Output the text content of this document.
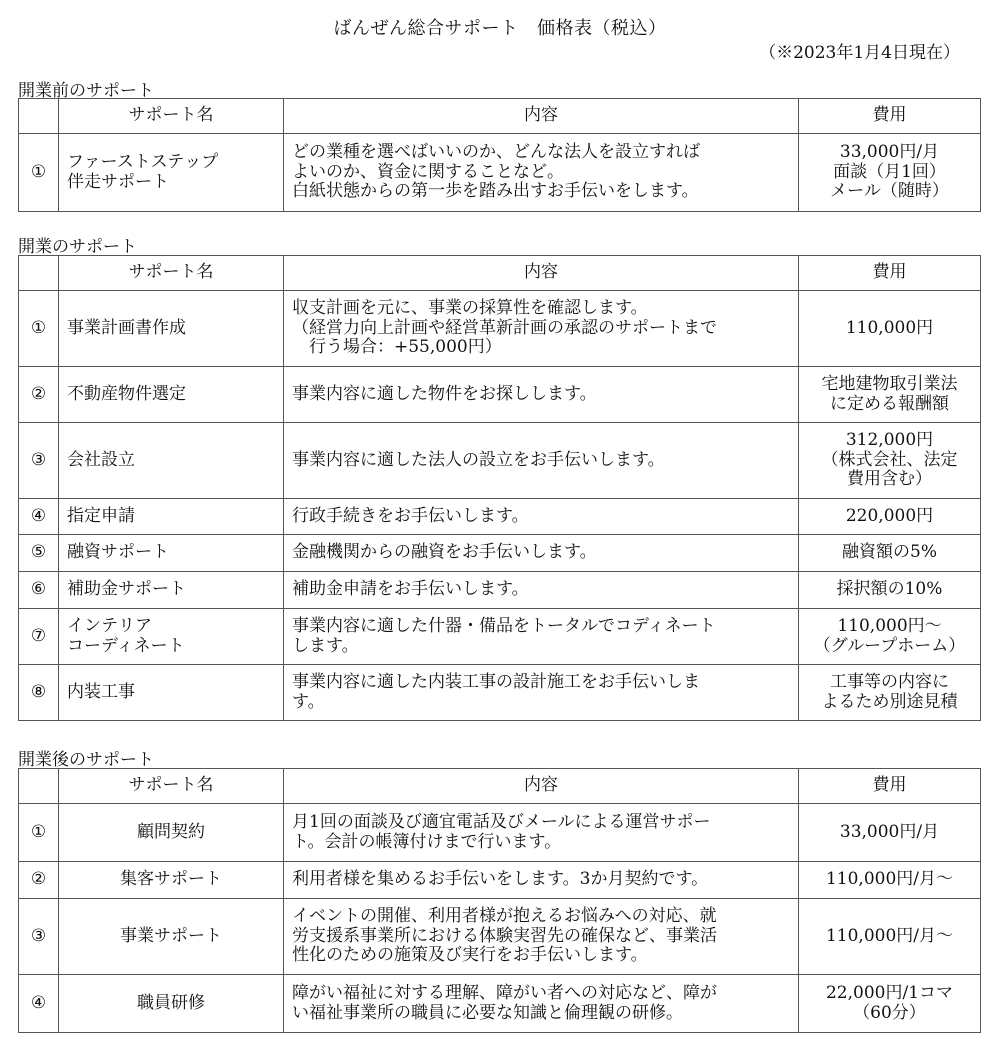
ばんぜん総合サポート　価格表（税込）
（※2023年1月4日現在）
開業前のサポート
	サポート名	内容	費用
①	ファーストステップ
伴走サポート	どの業種を選べばいいのか、どんな法人を設立すれば
よいのか、資金に関することなど。
白紙状態からの第一歩を踏み出すお手伝いをします。	33,000円/月
面談（月1回）
メール（随時）
開業のサポート
	サポート名	内容	費用
①	事業計画書作成	収支計画を元に、事業の採算性を確認します。
（経営力向上計画や経営革新計画の承認のサポートまで
　行う場合：+55,000円）	110,000円

②	不動産物件選定	事業内容に適した物件をお探しします。	宅地建物取引業法
に定める報酬額

③	会社設立	事業内容に適した法人の設立をお手伝いします。	312,000円
（株式会社、法定
費用含む）

④	指定申請	行政手続きをお手伝いします。	220,000円

⑤	融資サポート	金融機関からの融資をお手伝いします。	融資額の5%

⑥	補助金サポート	補助金申請をお手伝いします。	採択額の10%

⑦	インテリア
コーディネート	事業内容に適した什器・備品をトータルでコディネート
します。	110,000円～
（グループホーム）

⑧	内装工事	事業内容に適した内装工事の設計施工をお手伝いしま
す。	工事等の内容に
よるため別途見積
開業後のサポート
	サポート名	内容	費用
①	顧問契約	月1回の面談及び適宜電話及びメールによる運営サポー
ト。会計の帳簿付けまで行います。	33,000円/月

②	集客サポート	利用者様を集めるお手伝いをします。3か月契約です。	110,000円/月～

③	事業サポート	イベントの開催、利用者様が抱えるお悩みへの対応、就
労支援系事業所における体験実習先の確保など、事業活
性化のための施策及び実行をお手伝いします。	110,000円/月～

④	職員研修	障がい福祉に対する理解、障がい者への対応など、障が
い福祉事業所の職員に必要な知識と倫理観の研修。	22,000円/1コマ
（60分）
